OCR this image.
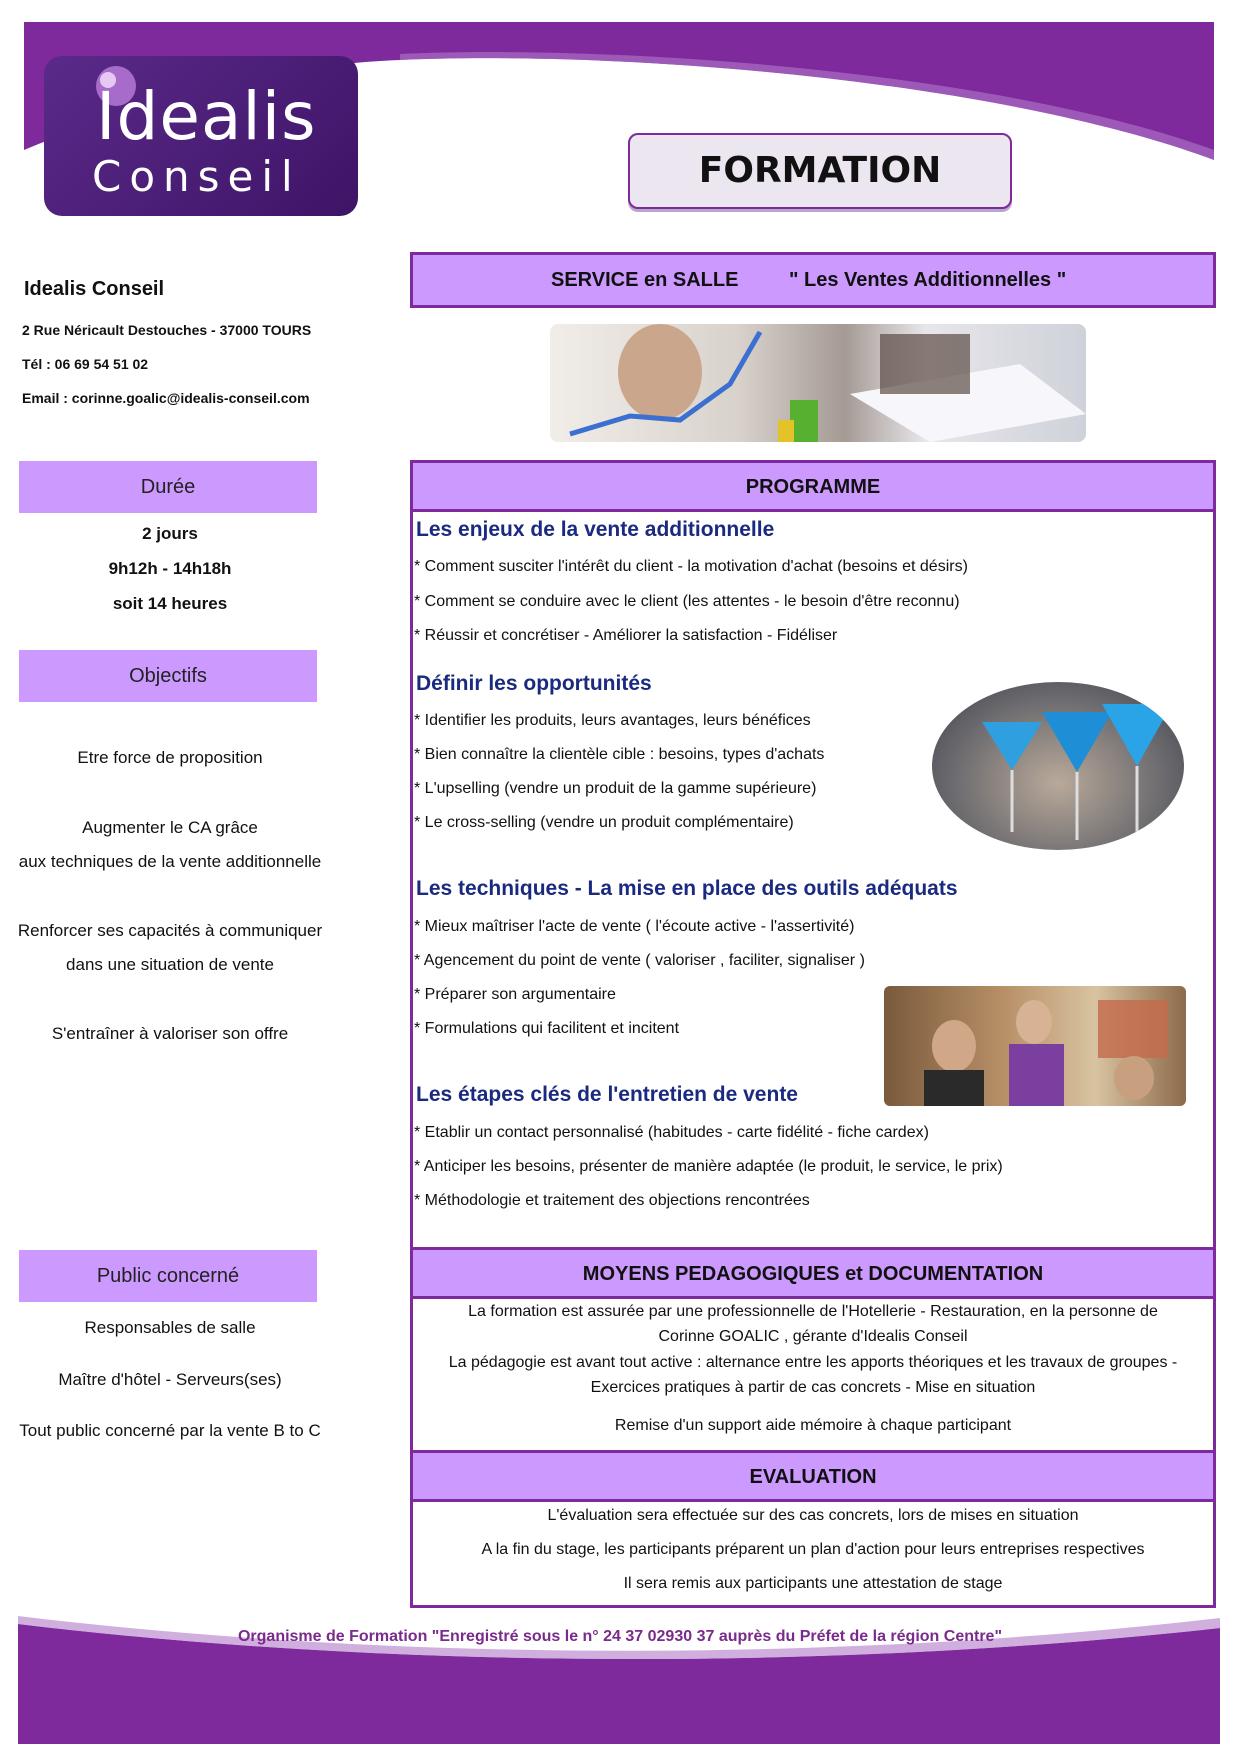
Idealis
Conseil	FORMATION
Idealis Conseil
2 Rue Néricault Destouches - 37000 TOURS
Tél : 06 69 54 51 02
Email : corinne.goalic@idealis-conseil.com
Durée
2 jours
9h12h - 14h18h
soit 14 heures
Objectifs
Etre force de proposition
Augmenter le CA grâce
aux techniques de la vente additionnelle
Renforcer ses capacités à communiquer
dans une situation de vente
S'entraîner à valoriser son offre
Public concerné
Responsables de salle
Maître d'hôtel - Serveurs(ses)
Tout public concerné par la vente B to C
SERVICE en SALLE	" Les Ventes Additionnelles "
PROGRAMME
Les enjeux de la vente additionnelle
* Comment susciter l'intérêt du client - la motivation d'achat (besoins et désirs)
* Comment se conduire avec le client (les attentes - le besoin d'être reconnu)
* Réussir et concrétiser - Améliorer la satisfaction - Fidéliser
Définir les opportunités
* Identifier les produits, leurs avantages, leurs bénéfices
* Bien connaître la clientèle cible : besoins, types d'achats
* L'upselling (vendre un produit de la gamme supérieure)
* Le cross-selling (vendre un produit complémentaire)
Les techniques - La mise en place des outils adéquats
* Mieux maîtriser l'acte de vente ( l'écoute active - l'assertivité)
* Agencement du point de vente ( valoriser , faciliter, signaliser )
* Préparer son argumentaire
* Formulations qui facilitent et incitent
Les étapes clés de l'entretien de vente
* Etablir un contact personnalisé (habitudes - carte fidélité - fiche cardex)
* Anticiper les besoins, présenter de manière adaptée (le produit, le service, le prix)
* Méthodologie et traitement des objections rencontrées
MOYENS PEDAGOGIQUES et DOCUMENTATION
La formation est assurée par une professionnelle de l'Hotellerie - Restauration, en la personne de
Corinne GOALIC , gérante d'Idealis Conseil
La pédagogie est avant tout active : alternance entre les apports théoriques et les travaux de groupes -
Exercices pratiques à partir de cas concrets - Mise en situation
Remise d'un support aide mémoire à chaque participant
EVALUATION
L'évaluation sera effectuée sur des cas concrets, lors de mises en situation
A la fin du stage, les participants préparent un plan d'action pour leurs entreprises respectives
Il sera remis aux participants une attestation de stage
Organisme de Formation "Enregistré sous le n° 24 37 02930 37 auprès du Préfet de la région Centre"
